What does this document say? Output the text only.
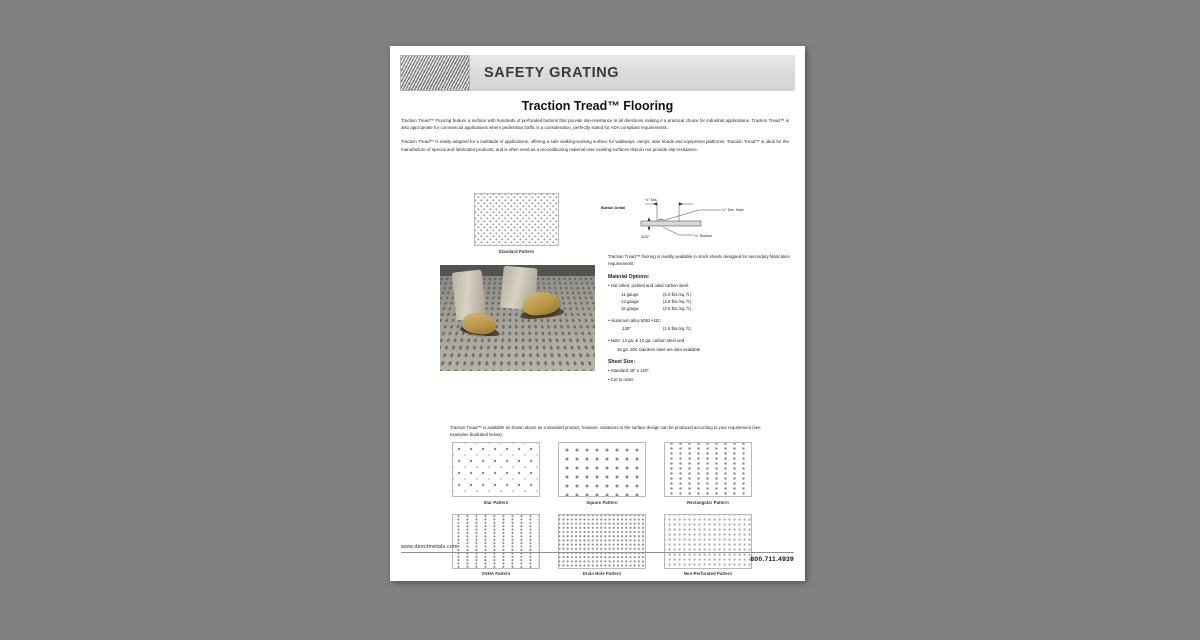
SAFETY GRATING
Traction Tread™ Flooring

Traction Tread™ Flooring feature a surface with hundreds of perforated buttons that provide slip-resistance in all directions making it a practical choice for industrial applications. Traction Tread™ is also appropriate for commercial applications where pedestrian traffic is a consideration, perfectly suited for ADA compliant requirements.

Traction Tread™ is easily adapted for a multitude of applications, offering a safe walking-working surface for walkways, ramps, stair treads and equipment platforms. Traction Tread™ is ideal for the manufacture of special and fabricated products, and is often used as a reconditioning material over existing surfaces that do not provide slip-resistance.

Standard Pattern
Button Detail
¾" Dia.
¼" Dia. Hole
3/32"	⅛" Radius
Traction Tread™ flooring is readily available in stock sheets designed for secondary fabrication requirements:
Material Options:
• Hot rolled, pickled and oiled carbon steel:
11 gauge	(5.0 lbs./sq. ft.)
13 gauge	(3.8 lbs./sq. ft.)
16 gauge	(2.5 lbs./sq. ft.)
• Aluminum alloy 5052-H32:
.125"	(1.6 lbs./sq. ft.)
• Note: 14 ga. & 12 ga. carbon steel and
16 ga. 304 stainless steel are also available
Sheet Size:
• Standard 36" x 120"
• Cut to order
Traction Tread™ is available as shown above as a standard product, however, variations to the surface design can be produced according to your requirement (see examples illustrated below).
Star Pattern	Square Pattern	Rectangular Pattern
OSHA Pattern	Drain Hole Pattern	Non-Perforated Pattern
www.directmetals.com
800.711.4939
